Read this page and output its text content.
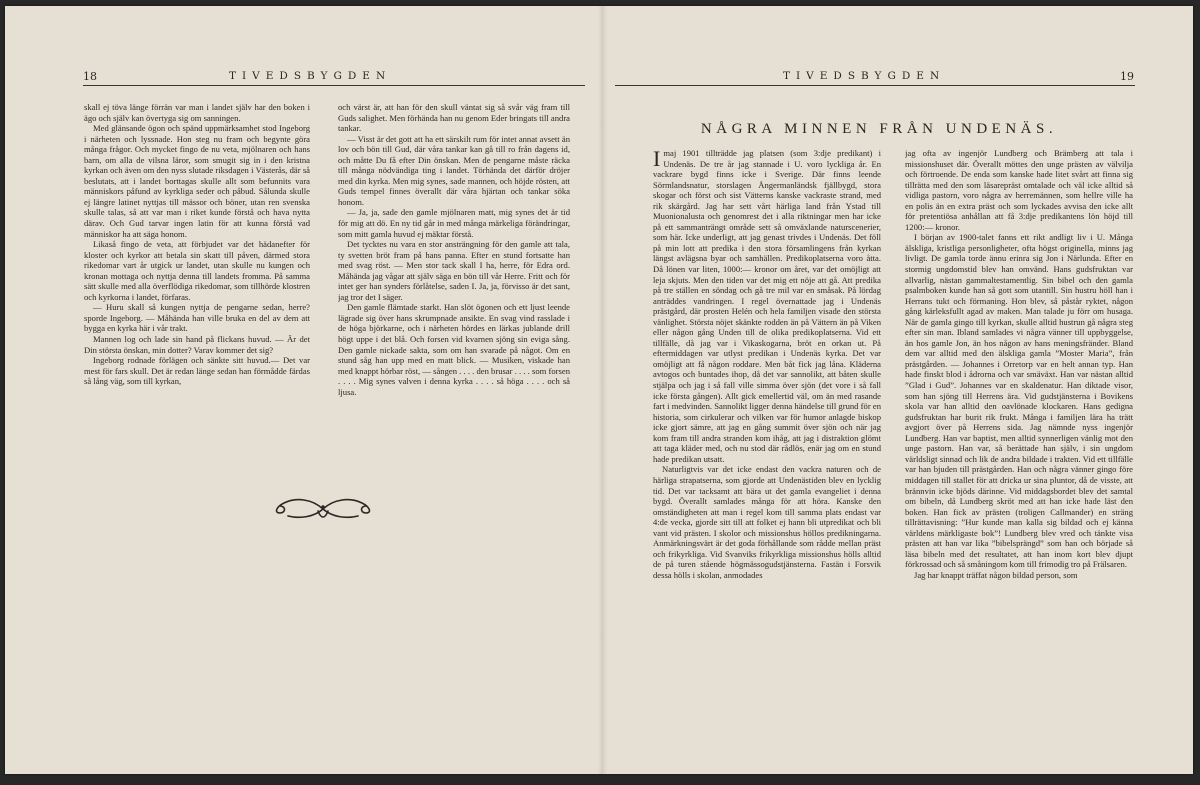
18	TIVEDSBYGDEN

skall ej töva länge förrän var man i landet själv har den boken i ägo och själv kan övertyga sig om sanningen.

Med glänsande ögon och spänd uppmärksamhet stod Ingeborg i närheten och lyssnade. Hon steg nu fram och begynte göra många frågor. Och mycket fingo de nu veta, mjölnaren och hans barn, om alla de vilsna läror, som smugit sig in i den kristna kyrkan och även om den nyss slutade riksdagen i Västerås, där så beslutats, att i landet borttagas skulle allt som befunnits vara människors påfund av kyrkliga seder och påbud. Sålunda skulle ej längre latinet nyttjas till mässor och böner, utan ren svenska skulle talas, så att var man i riket kunde förstå och hava nytta därav. Och Gud tarvar ingen latin för att kunna förstå vad människor ha att säga honom.

Likaså fingo de veta, att förbjudet var det hädanefter för kloster och kyrkor att betala sin skatt till påven, därmed stora rikedomar vart år utgick ur landet, utan skulle nu kungen och kronan mottaga och nyttja denna till landets fromma. På samma sätt skulle med alla överflödiga rikedomar, som tillhörde klostren och kyrkorna i landet, förfaras.

— Huru skall så kungen nyttja de pengarne sedan, herre? sporde Ingeborg. — Måhända han ville bruka en del av dem att bygga en kyrka här i vår trakt.

Mannen log och lade sin hand på flickans huvud. — Är det Din största önskan, min dotter? Varav kommer det sig?

Ingeborg rodnade förlägen och sänkte sitt huvud.— Det var mest för fars skull. Det är redan länge sedan han förmådde färdas så lång väg, som till kyrkan,

och värst är, att han för den skull väntat sig så svår väg fram till Guds salighet. Men förhända han nu genom Eder bringats till andra tankar.

— Visst är det gott att ha ett särskilt rum för intet annat avsett än lov och bön till Gud, där våra tankar kan gå till ro från dagens id, och måtte Du få efter Din önskan. Men de pengarne måste räcka till många nödvändiga ting i landet. Törhända det därför dröjer med din kyrka. Men mig synes, sade mannen, och höjde rösten, att Guds tempel finnes överallt där våra hjärtan och tankar söka honom.

— Ja, ja, sade den gamle mjölnaren matt, mig synes det är tid för mig att dö. En ny tid går in med många märkeliga förändringar, som mitt gamla huvud ej mäktar förstå.

Det tycktes nu vara en stor ansträngning för den gamle att tala, ty svetten bröt fram på hans panna. Efter en stund fortsatte han med svag röst. — Men stor tack skall I ha, herre, för Edra ord. Måhända jag vågar att själv säga en bön till vår Herre. Fritt och för intet ger han synders förlåtelse, saden I. Ja, ja, förvisso är det sant, jag tror det I säger.

Den gamle flämtade starkt. Han slöt ögonen och ett ljust leende lägrade sig över hans skrumpnade ansikte. En svag vind rasslade i de höga björkarne, och i närheten hördes en lärkas jublande drill högt uppe i det blå. Och forsen vid kvarnen sjöng sin eviga sång. Den gamle nickade sakta, som om han svarade på något. Om en stund såg han upp med en matt blick. — Musiken, viskade han med knappt hörbar röst, — sången . . . . den brusar . . . . som forsen . . . . Mig synes valven i denna kyrka . . . . så höga . . . . och så ljusa.

TIVEDSBYGDEN	19
NÅGRA MINNEN FRÅN UNDENÄS.

Imaj 1901 tillträdde jag platsen (som 3:dje predikant) i Undenäs. De tre år jag stannade i U. voro lyckliga år. En vackrare bygd finns icke i Sverige. Där finns leende Sörmlandsnatur, storslagen Ångermanländsk fjällbygd, stora skogar och först och sist Vätterns kanske vackraste strand, med rik skärgård. Jag har sett vårt härliga land från Ystad till Muonionalusta och genomrest det i alla riktningar men har icke på ett sammanträngt område sett så omväxlande naturscenerier, som här. Icke underligt, att jag genast trivdes i Undenäs. Det föll på min lott att predika i den stora församlingens från kyrkan längst avlägsna byar och samhällen. Predikoplatserna voro åtta. Då lönen var liten, 1000:— kronor om året, var det omöjligt att leja skjuts. Men den tiden var det mig ett nöje att gå. Att predika på tre ställen en söndag och gå tre mil var en småsak. På lördag anträddes vandringen. I regel övernattade jag i Undenäs prästgård, där prosten Helén och hela familjen visade den största vänlighet. Största nöjet skänkte rodden än på Vättern än på Viken eller någon gång Unden till de olika predikoplatserna. Vid ett tillfälle, då jag var i Vikaskogarna, bröt en orkan ut. På eftermiddagen var utlyst predikan i Undenäs kyrka. Det var omöjligt att få någon roddare. Men båt fick jag låna. Kläderna avtogos och buntades ihop, då det var sannolikt, att båten skulle stjälpa och jag i så fall ville simma över sjön (det vore i så fall icke första gången). Allt gick emellertid väl, om än med rasande fart i medvinden. Sannolikt ligger denna händelse till grund för en historia, som cirkulerar och vilken var för humor anlagde biskop icke gjort sämre, att jag en gång summit över sjön och när jag kom fram till andra stranden kom ihåg, att jag i distraktion glömt att taga kläder med, och nu stod där rådlös, enär jag om en stund hade predikan utsatt.

Naturligtvis var det icke endast den vackra naturen och de härliga strapatserna, som gjorde att Undenästiden blev en lycklig tid. Det var tacksamt att bära ut det gamla evangeliet i denna bygd. Överallt samlades många för att höra. Kanske den omständigheten att man i regel kom till samma plats endast var 4:de vecka, gjorde sitt till att folket ej hann bli utpredikat och bli vant vid prästen. I skolor och missionshus höllos predikningarna. Anmärkningsvärt är det goda förhållande som rådde mellan präst och frikyrkliga. Vid Svanviks frikyrkliga missionshus hölls alltid de på turen stående högmässogudstjänsterna. Fastän i Forsvik dessa hölls i skolan, anmodades

jag ofta av ingenjör Lundberg och Brämberg att tala i missionshuset där. Överallt möttes den unge prästen av välvilja och förtroende. De enda som kanske hade litet svårt att finna sig tillrätta med den som läsarepräst omtalade och väl icke alltid så vidliga pastorn, voro några av herremännen, som hellre ville ha en polis än en extra präst och som lyckades avvisa den icke allt för pretentiösa anhållan att få 3:dje predikantens lön höjd till 1200:— kronor.

I början av 1900-talet fanns ett rikt andligt liv i U. Många älskliga, kristliga personligheter, ofta högst originella, minns jag livligt. De gamla torde ännu erinra sig Jon i Närlunda. Efter en stormig ungdomstid blev han omvänd. Hans gudsfruktan var allvarlig, nästan gammaltestamentlig. Sin bibel och den gamla psalmboken kunde han så gott som utantill. Sin hustru höll han i Herrans tukt och förmaning. Hon blev, så påstår ryktet, någon gång kärleksfullt agad av maken. Man talade ju förr om husaga. När de gamla gingo till kyrkan, skulle alltid hustrun gå några steg efter sin man. Ibland samlades vi några vänner till uppbyggelse, än hos gamle Jon, än hos någon av hans meningsfränder. Bland dem var alltid med den älskliga gamla ”Moster Maria”, från prästgården. — Johannes i Orretorp var en helt annan typ. Han hade finskt blod i ådrorna och var smäväxt. Han var nästan alltid ”Glad i Gud”. Johannes var en skaldenatur. Han diktade visor, som han sjöng till Herrens ära. Vid gudstjänsterna i Bovikens skola var han alltid den oavlönade klockaren. Hans gedigna gudsfruktan har burit rik frukt. Många i familjen lära ha trätt avgjort över på Herrens sida. Jag nämnde nyss ingenjör Lundberg. Han var baptist, men alltid synnerligen vänlig mot den unge pastorn. Han var, så berättade han själv, i sin ungdom världsligt sinnad och lik de andra bildade i trakten. Vid ett tillfälle var han bjuden till prästgården. Han och några vänner gingo före middagen till stallet för att dricka ur sina pluntor, då de visste, att brännvin icke bjöds därinne. Vid middagsbordet blev det samtal om bibeln, då Lundberg skröt med att han icke hade läst den boken. Han fick av prästen (troligen Callmander) en sträng tillrättavisning: ”Hur kunde man kalla sig bildad och ej känna världens märkligaste bok”! Lundberg blev vred och tänkte visa prästen att han var lika ”bibelsprängd” som han och började så läsa bibeln med det resultatet, att han inom kort blev djupt förkrossad och så småningom kom till frimodig tro på Frälsaren.

Jag har knappt träffat någon bildad person, som
